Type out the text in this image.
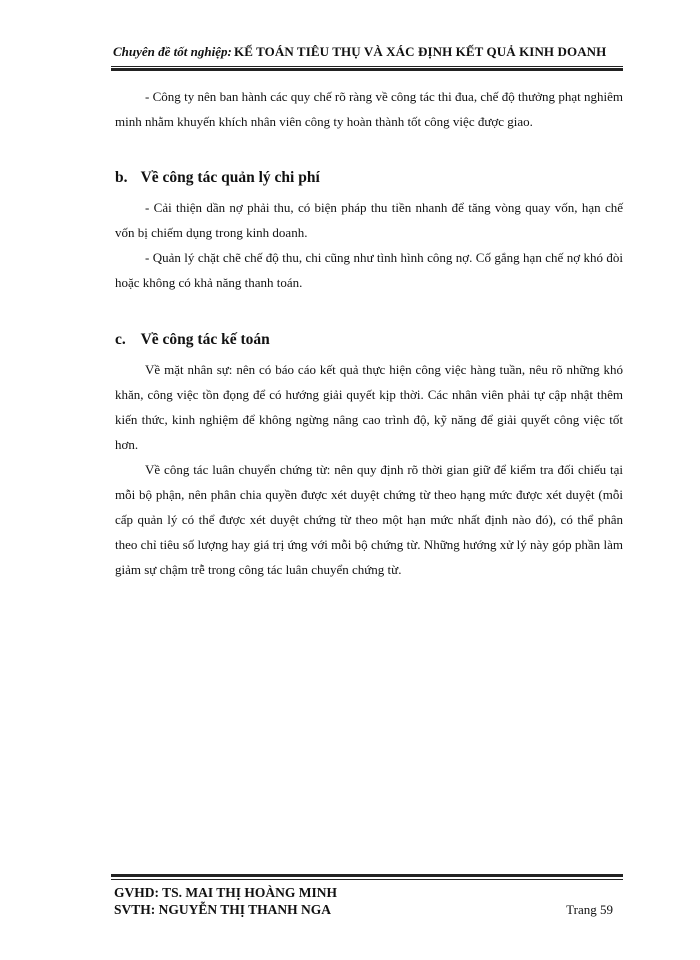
Chuyên đề tốt nghiệp: KẾ TOÁN TIÊU THỤ VÀ XÁC ĐỊNH KẾT QUẢ KINH DOANH

- Công ty nên ban hành các quy chế rõ ràng về công tác thi đua, chế độ thưởng phạt nghiêm minh nhằm khuyến khích nhân viên công ty hoàn thành tốt công việc được giao.

b. Về công tác quản lý chi phí

- Cải thiện dần nợ phải thu, có biện pháp thu tiền nhanh để tăng vòng quay vốn, hạn chế vốn bị chiếm dụng trong kinh doanh.

- Quản lý chặt chẽ chế độ thu, chi cũng như tình hình công nợ. Cố gắng hạn chế nợ khó đòi hoặc không có khả năng thanh toán.

c. Về công tác kế toán

Về mặt nhân sự: nên có báo cáo kết quả thực hiện công việc hàng tuần, nêu rõ những khó khăn, công việc tồn đọng để có hướng giải quyết kịp thời. Các nhân viên phải tự cập nhật thêm kiến thức, kinh nghiệm để không ngừng nâng cao trình độ, kỹ năng để giải quyết công việc tốt hơn.

Về công tác luân chuyển chứng từ: nên quy định rõ thời gian giữ để kiểm tra đối chiếu tại mỗi bộ phận, nên phân chia quyền được xét duyệt chứng từ theo hạng mức được xét duyệt (mỗi cấp quản lý có thể được xét duyệt chứng từ theo một hạn mức nhất định nào đó), có thể phân theo chỉ tiêu số lượng hay giá trị ứng với mỗi bộ chứng từ. Những hướng xử lý này góp phần làm giảm sự chậm trễ trong công tác luân chuyển chứng từ.

GVHD: TS. MAI THỊ HOÀNG MINH
SVTH: NGUYỄN THỊ THANH NGA	Trang 59
